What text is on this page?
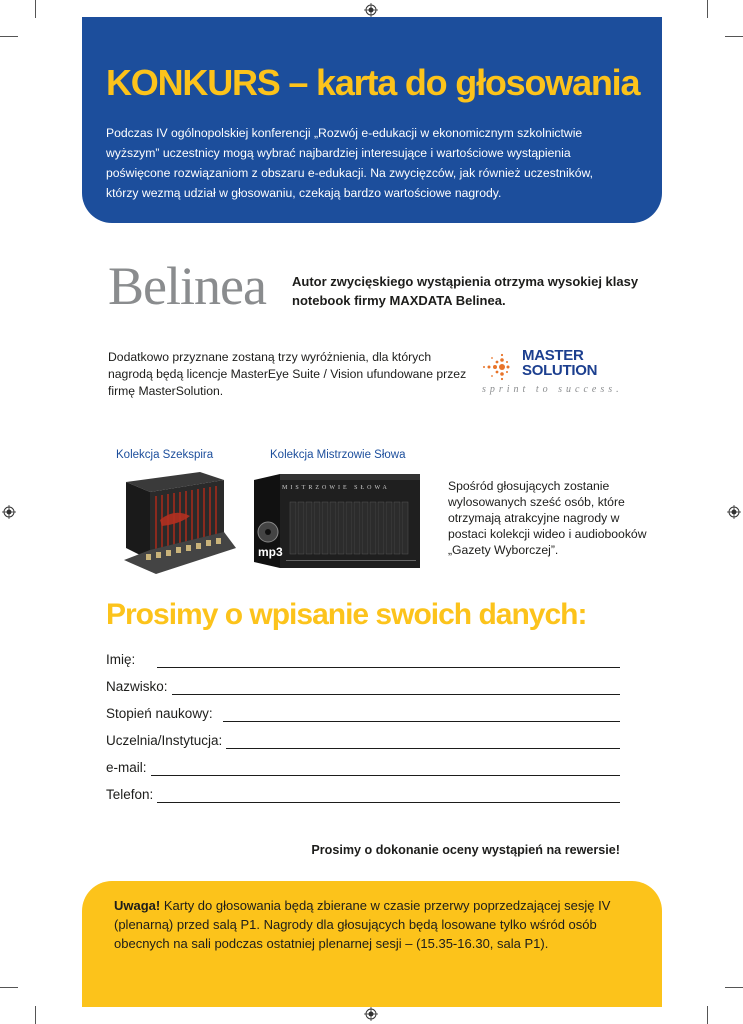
KONKURS – karta do głosowania

Podczas IV ogólnopolskiej konferencji „Rozwój e-edukacji w ekonomicznym szkolnictwie wyższym” uczestnicy mogą wybrać najbardziej interesujące i wartościowe wystąpienia poświęcone rozwiązaniom z obszaru e-edukacji. Na zwycięzców, jak również uczestników, którzy wezmą udział w głosowaniu, czekają bardzo wartościowe nagrody.

Belinea Autor zwycięskiego wystąpienia otrzyma wysokiej klasy notebook firmy MAXDATA Belinea.
Dodatkowo przyznane zostaną trzy wyróżnienia, dla których nagrodą będą licencje MasterEye Suite / Vision ufundowane przez firmę MasterSolution.
MASTER
SOLUTION
sprint to success.
Kolekcja Szekspira	Kolekcja Mistrzowie Słowa
MISTRZOWIE SŁOWA
mp3
Spośród głosujących zostanie wylosowanych sześć osób, które otrzymają atrakcyjne nagrody w postaci kolekcji wideo i audiobooków „Gazety Wyborczej”.
Prosimy o wpisanie swoich danych:
Imię:
Nazwisko:
Stopień naukowy:
Uczelnia/Instytucja:
e-mail:
Telefon:
Prosimy o dokonanie oceny wystąpień na rewersie!
Uwaga! Karty do głosowania będą zbierane w czasie przerwy poprzedzającej sesję IV (plenarną) przed salą P1. Nagrody dla głosujących będą losowane tylko wśród osób obecnych na sali podczas ostatniej plenarnej sesji – (15.35-16.30, sala P1).
